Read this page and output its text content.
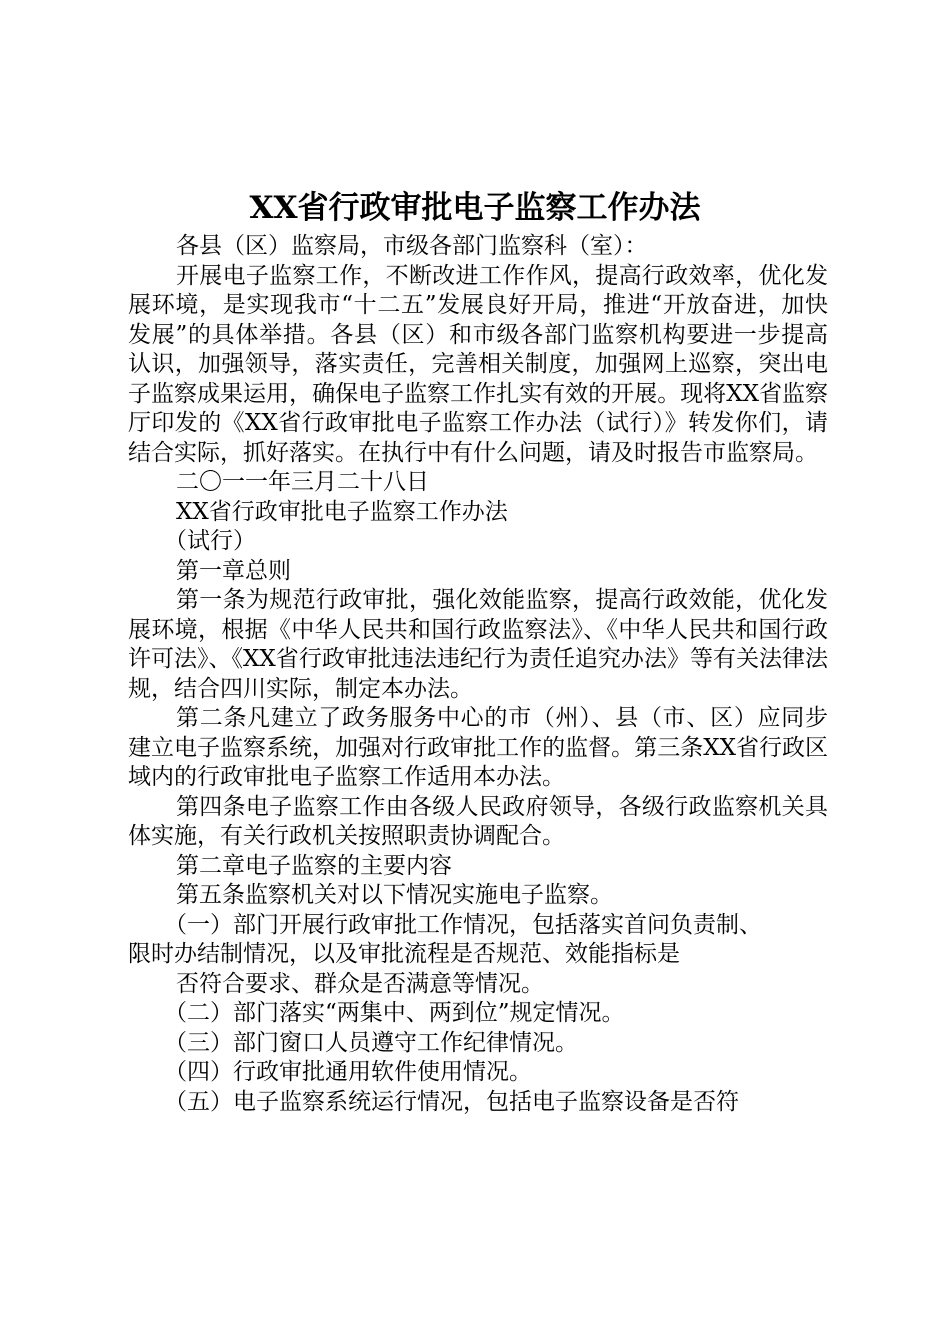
XX省行政审批电子监察工作办法

各县（区）监察局，市级各部门监察科（室）：

开展电子监察工作，不断改进工作作风，提高行政效率，优化发展环境，是实现我市“十二五”发展良好开局，推进“开放奋进，加快发展”的具体举措。各县（区）和市级各部门监察机构要进一步提高认识，加强领导，落实责任，完善相关制度，加强网上巡察，突出电子监察成果运用，确保电子监察工作扎实有效的开展。现将XX省监察厅印发的《XX省行政审批电子监察工作办法（试行）》转发你们，请结合实际，抓好落实。在执行中有什么问题，请及时报告市监察局。

二〇一一年三月二十八日

XX省行政审批电子监察工作办法

（试行）

第一章总则

第一条为规范行政审批，强化效能监察，提高行政效能，优化发展环境，根据《中华人民共和国行政监察法》、《中华人民共和国行政许可法》、《XX省行政审批违法违纪行为责任追究办法》等有关法律法规，结合四川实际，制定本办法。

第二条凡建立了政务服务中心的市（州）、县（市、区）应同步建立电子监察系统，加强对行政审批工作的监督。第三条XX省行政区域内的行政审批电子监察工作适用本办法。

第四条电子监察工作由各级人民政府领导，各级行政监察机关具体实施，有关行政机关按照职责协调配合。

第二章电子监察的主要内容

第五条监察机关对以下情况实施电子监察。

（一）部门开展行政审批工作情况，包括落实首问负责制、

限时办结制情况，以及审批流程是否规范、效能指标是

否符合要求、群众是否满意等情况。

（二）部门落实“两集中、两到位”规定情况。

（三）部门窗口人员遵守工作纪律情况。

（四）行政审批通用软件使用情况。

（五）电子监察系统运行情况，包括电子监察设备是否符
